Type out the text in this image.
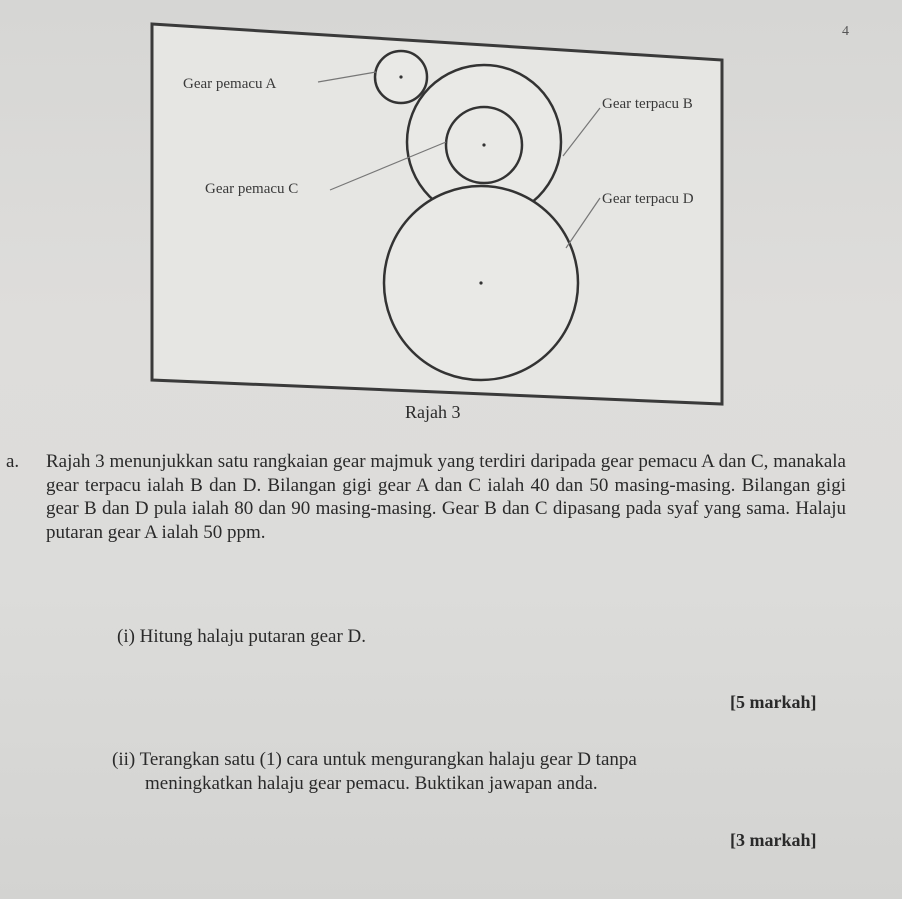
4
Gear pemacu A
Gear terpacu B
Gear pemacu C
Gear terpacu D
Rajah 3
a. Rajah 3 menunjukkan satu rangkaian gear majmuk yang terdiri daripada gear pemacu A dan C, manakala gear terpacu ialah B dan D. Bilangan gigi gear A dan C ialah 40 dan 50 masing-masing. Bilangan gigi gear B dan D pula ialah 80 dan 90 masing-masing. Gear B dan C dipasang pada syaf yang sama. Halaju putaran gear A ialah 50 ppm.
(i) Hitung halaju putaran gear D.
[5 markah]
(ii) Terangkan satu (1) cara untuk mengurangkan halaju gear D tanpa
meningkatkan halaju gear pemacu. Buktikan jawapan anda.
[3 markah]
